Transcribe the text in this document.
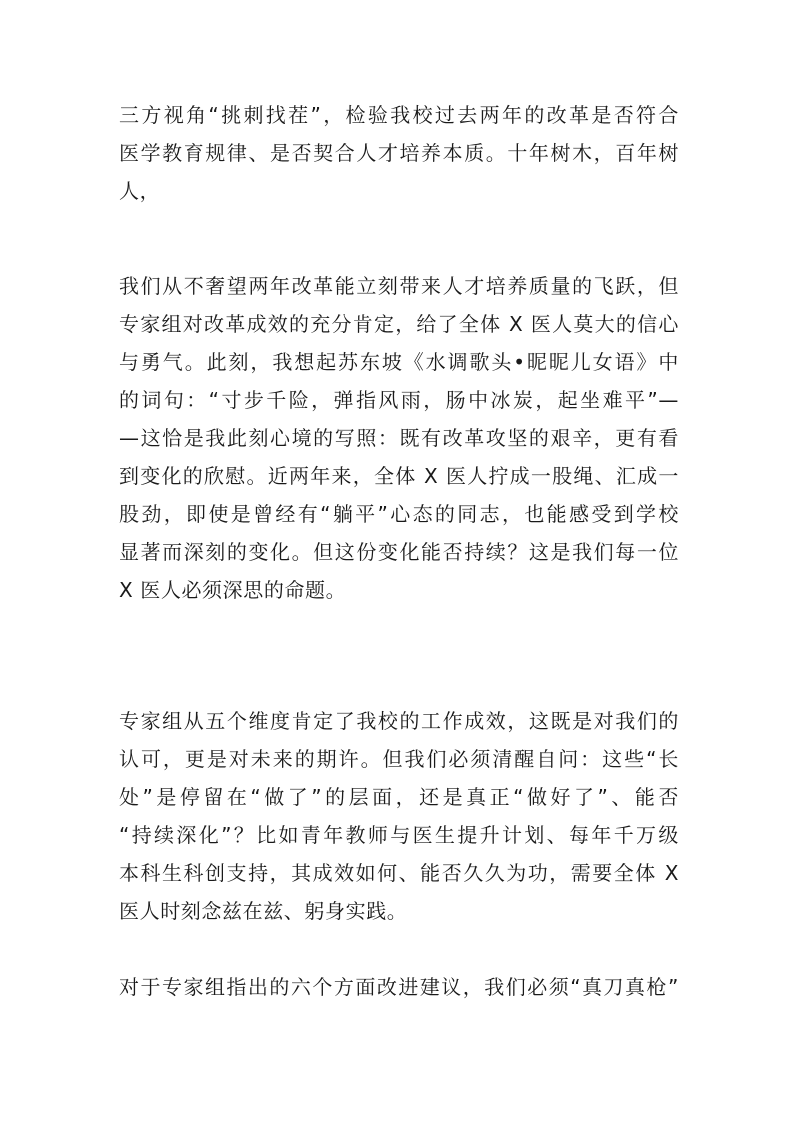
三方视角“挑刺找茬”，检验我校过去两年的改革是否符合
医学教育规律、是否契合人才培养本质。十年树木，百年树
人，
我们从不奢望两年改革能立刻带来人才培养质量的飞跃，但
专家组对改革成效的充分肯定，给了全体 X 医人莫大的信心
与勇气。此刻，我想起苏东坡《水调歌头•昵昵儿女语》中
的词句：“寸步千险，弹指风雨，肠中冰炭，起坐难平”—
—这恰是我此刻心境的写照：既有改革攻坚的艰辛，更有看
到变化的欣慰。近两年来，全体 X 医人拧成一股绳、汇成一
股劲，即使是曾经有“躺平”心态的同志，也能感受到学校
显著而深刻的变化。但这份变化能否持续？这是我们每一位
X 医人必须深思的命题。
专家组从五个维度肯定了我校的工作成效，这既是对我们的
认可，更是对未来的期许。但我们必须清醒自问：这些“长
处”是停留在“做了”的层面，还是真正“做好了”、能否
“持续深化”？比如青年教师与医生提升计划、每年千万级
本科生科创支持，其成效如何、能否久久为功，需要全体 X
医人时刻念兹在兹、躬身实践。
对于专家组指出的六个方面改进建议，我们必须“真刀真枪”
